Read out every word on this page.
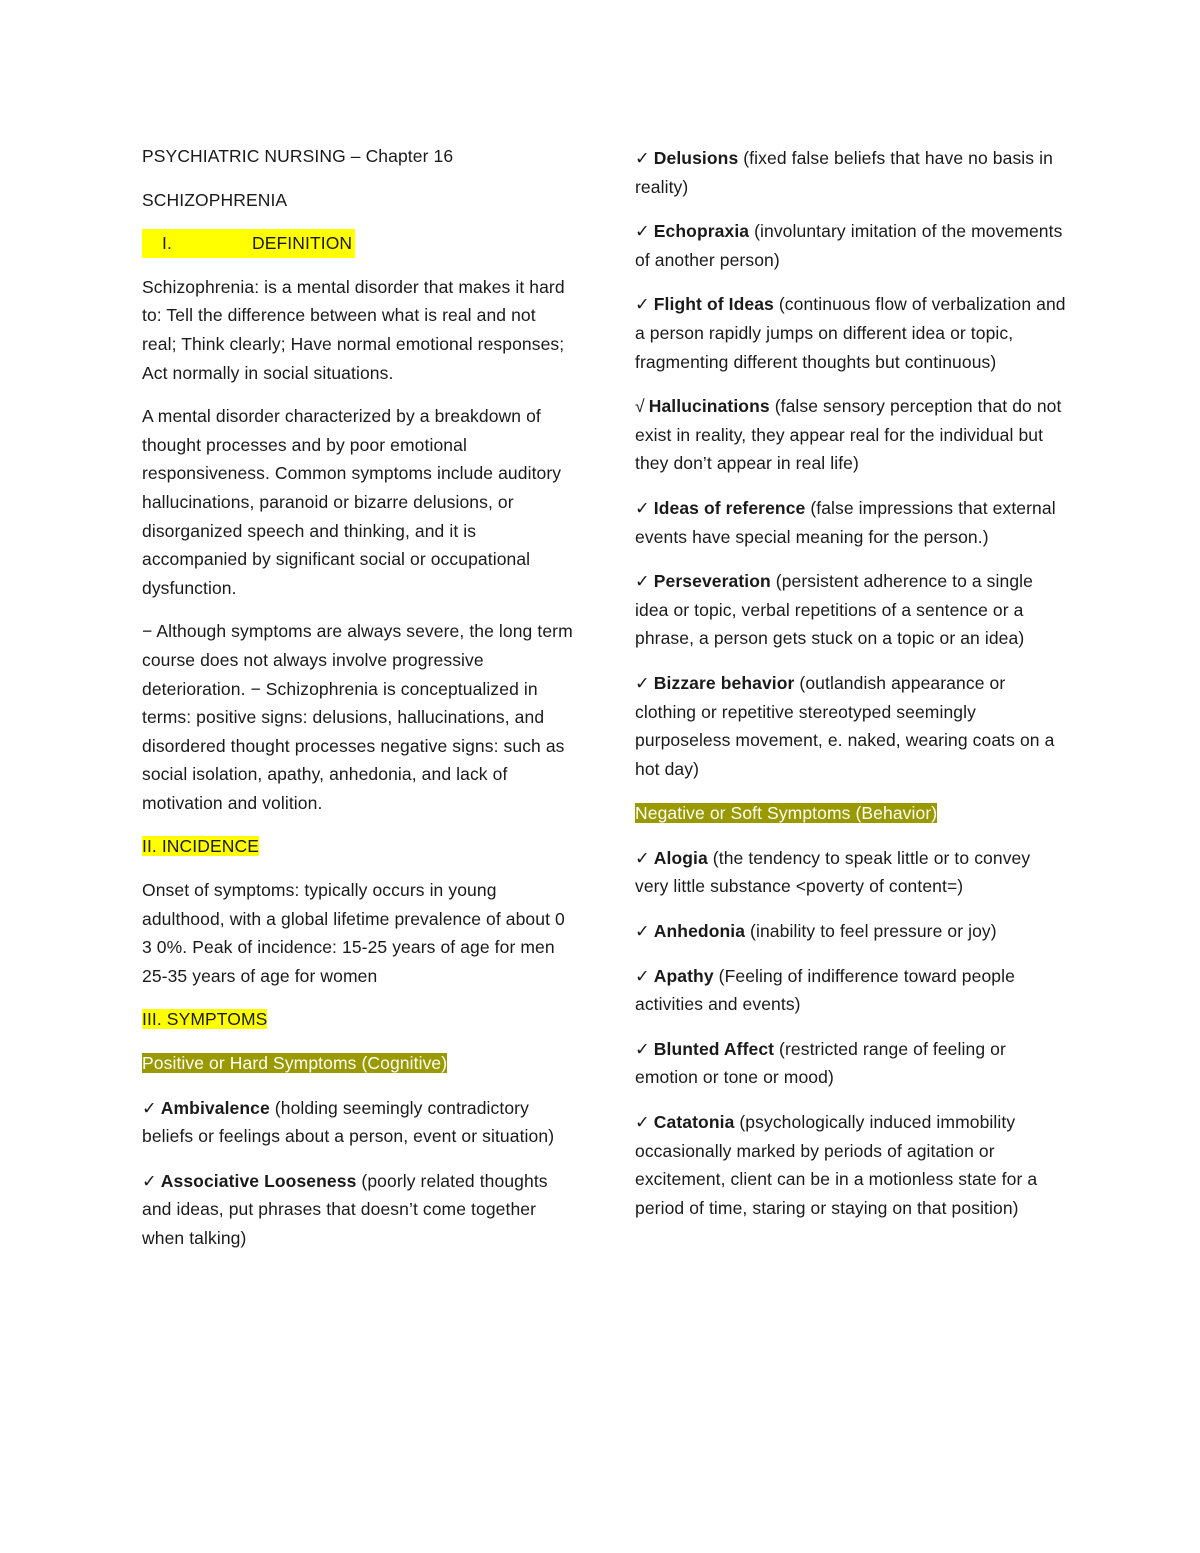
PSYCHIATRIC NURSING – Chapter 16

SCHIZOPHRENIA

I.	DEFINITION

Schizophrenia: is a mental disorder that makes it hard to: Tell the difference between what is real and not real; Think clearly; Have normal emotional responses; Act normally in social situations.

A mental disorder characterized by a breakdown of thought processes and by poor emotional responsiveness. Common symptoms include auditory hallucinations, paranoid or bizarre delusions, or disorganized speech and thinking, and it is accompanied by significant social or occupational dysfunction.

− Although symptoms are always severe, the long term course does not always involve progressive deterioration. − Schizophrenia is conceptualized in terms: positive signs: delusions, hallucinations, and disordered thought processes negative signs: such as social isolation, apathy, anhedonia, and lack of motivation and volition.

II. INCIDENCE

Onset of symptoms: typically occurs in young adulthood, with a global lifetime prevalence of about 0 3 0%. Peak of incidence: 15-25 years of age for men 25-35 years of age for women

III. SYMPTOMS

Positive or Hard Symptoms (Cognitive)

✓ Ambivalence (holding seemingly contradictory beliefs or feelings about a person, event or situation)

✓ Associative Looseness (poorly related thoughts and ideas, put phrases that doesn’t come together when talking)

✓ Delusions (fixed false beliefs that have no basis in reality)

✓ Echopraxia (involuntary imitation of the movements of another person)

✓ Flight of Ideas (continuous flow of verbalization and a person rapidly jumps on different idea or topic, fragmenting different thoughts but continuous)

√ Hallucinations (false sensory perception that do not exist in reality, they appear real for the individual but they don’t appear in real life)

✓ Ideas of reference (false impressions that external events have special meaning for the person.)

✓ Perseveration (persistent adherence to a single idea or topic, verbal repetitions of a sentence or a phrase, a person gets stuck on a topic or an idea)

✓ Bizzare behavior (outlandish appearance or clothing or repetitive stereotyped seemingly purposeless movement, e. naked, wearing coats on a hot day)

Negative or Soft Symptoms (Behavior)

✓ Alogia (the tendency to speak little or to convey very little substance <poverty of content=)

✓ Anhedonia (inability to feel pressure or joy)

✓ Apathy (Feeling of indifference toward people activities and events)

✓ Blunted Affect (restricted range of feeling or emotion or tone or mood)

✓ Catatonia (psychologically induced immobility occasionally marked by periods of agitation or excitement, client can be in a motionless state for a period of time, staring or staying on that position)
